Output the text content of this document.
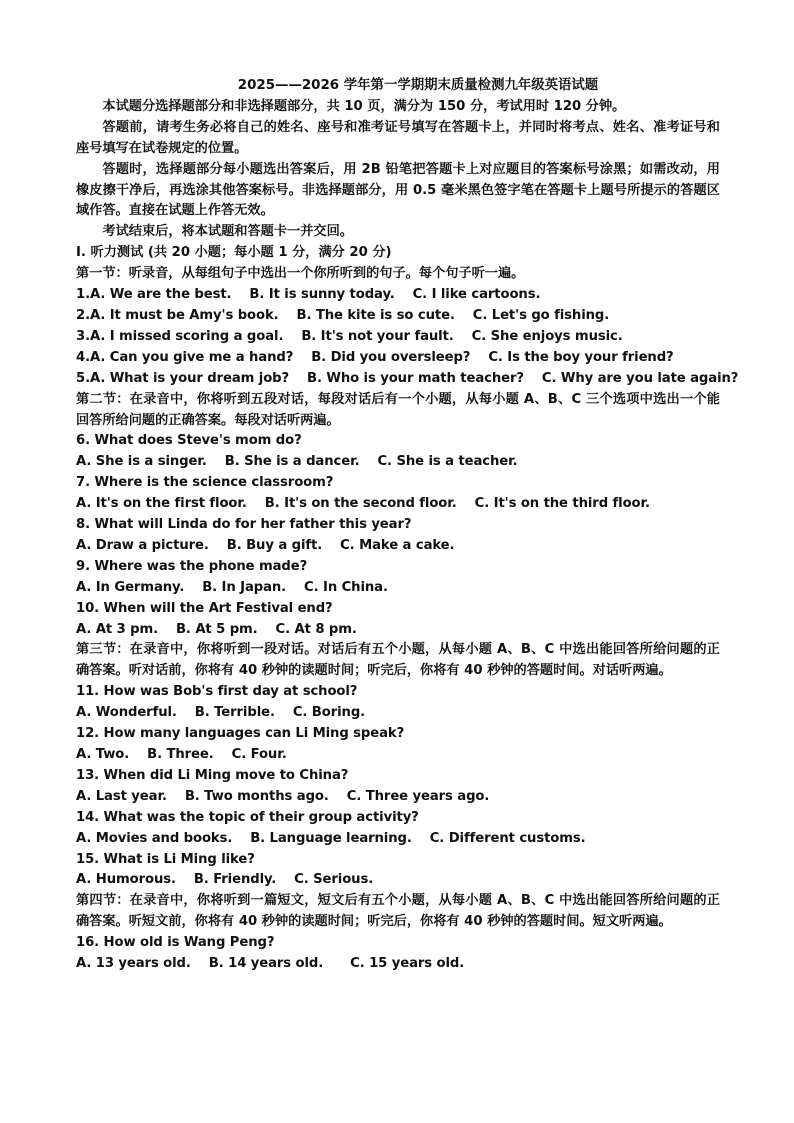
2025——2026 学年第一学期期末质量检测九年级英语试题
本试题分选择题部分和非选择题部分，共 10 页，满分为 150 分，考试用时 120 分钟。
答题前，请考生务必将自己的姓名、座号和准考证号填写在答题卡上，并同时将考点、姓名、准考证号和座号填写在试卷规定的位置。
答题时，选择题部分每小题选出答案后，用 2B 铅笔把答题卡上对应题目的答案标号涂黑；如需改动，用橡皮擦干净后，再选涂其他答案标号。非选择题部分，用 0.5 毫米黑色签字笔在答题卡上题号所提示的答题区域作答。直接在试题上作答无效。
考试结束后，将本试题和答题卡一并交回。
I. 听力测试 (共 20 小题；每小题 1 分，满分 20 分)
第一节：听录音，从每组句子中选出一个你所听到的句子。每个句子听一遍。
1.A. We are the best.    B. It is sunny today.    C. I like cartoons.
2.A. It must be Amy's book.    B. The kite is so cute.    C. Let's go fishing.
3.A. I missed scoring a goal.    B. It's not your fault.    C. She enjoys music.
4.A. Can you give me a hand?    B. Did you oversleep?    C. Is the boy your friend?
5.A. What is your dream job?    B. Who is your math teacher?    C. Why are you late again?
第二节：在录音中，你将听到五段对话，每段对话后有一个小题，从每小题 A、B、C 三个选项中选出一个能回答所给问题的正确答案。每段对话听两遍。
6. What does Steve's mom do?
A. She is a singer.    B. She is a dancer.    C. She is a teacher.
7. Where is the science classroom?
A. It's on the first floor.    B. It's on the second floor.    C. It's on the third floor.
8. What will Linda do for her father this year?
A. Draw a picture.    B. Buy a gift.    C. Make a cake.
9. Where was the phone made?
A. In Germany.    B. In Japan.    C. In China.
10. When will the Art Festival end?
A. At 3 pm.    B. At 5 pm.    C. At 8 pm.
第三节：在录音中，你将听到一段对话。对话后有五个小题，从每小题 A、B、C 中选出能回答所给问题的正确答案。听对话前，你将有 40 秒钟的读题时间；听完后，你将有 40 秒钟的答题时间。对话听两遍。
11. How was Bob's first day at school?
A. Wonderful.    B. Terrible.    C. Boring.
12. How many languages can Li Ming speak?
A. Two.    B. Three.    C. Four.
13. When did Li Ming move to China?
A. Last year.    B. Two months ago.    C. Three years ago.
14. What was the topic of their group activity?
A. Movies and books.    B. Language learning.    C. Different customs.
15. What is Li Ming like?
A. Humorous.    B. Friendly.    C. Serious.
第四节：在录音中，你将听到一篇短文，短文后有五个小题，从每小题 A、B、C 中选出能回答所给问题的正确答案。听短文前，你将有 40 秒钟的读题时间；听完后，你将有 40 秒钟的答题时间。短文听两遍。
16. How old is Wang Peng?
A. 13 years old.    B. 14 years old.      C. 15 years old.
